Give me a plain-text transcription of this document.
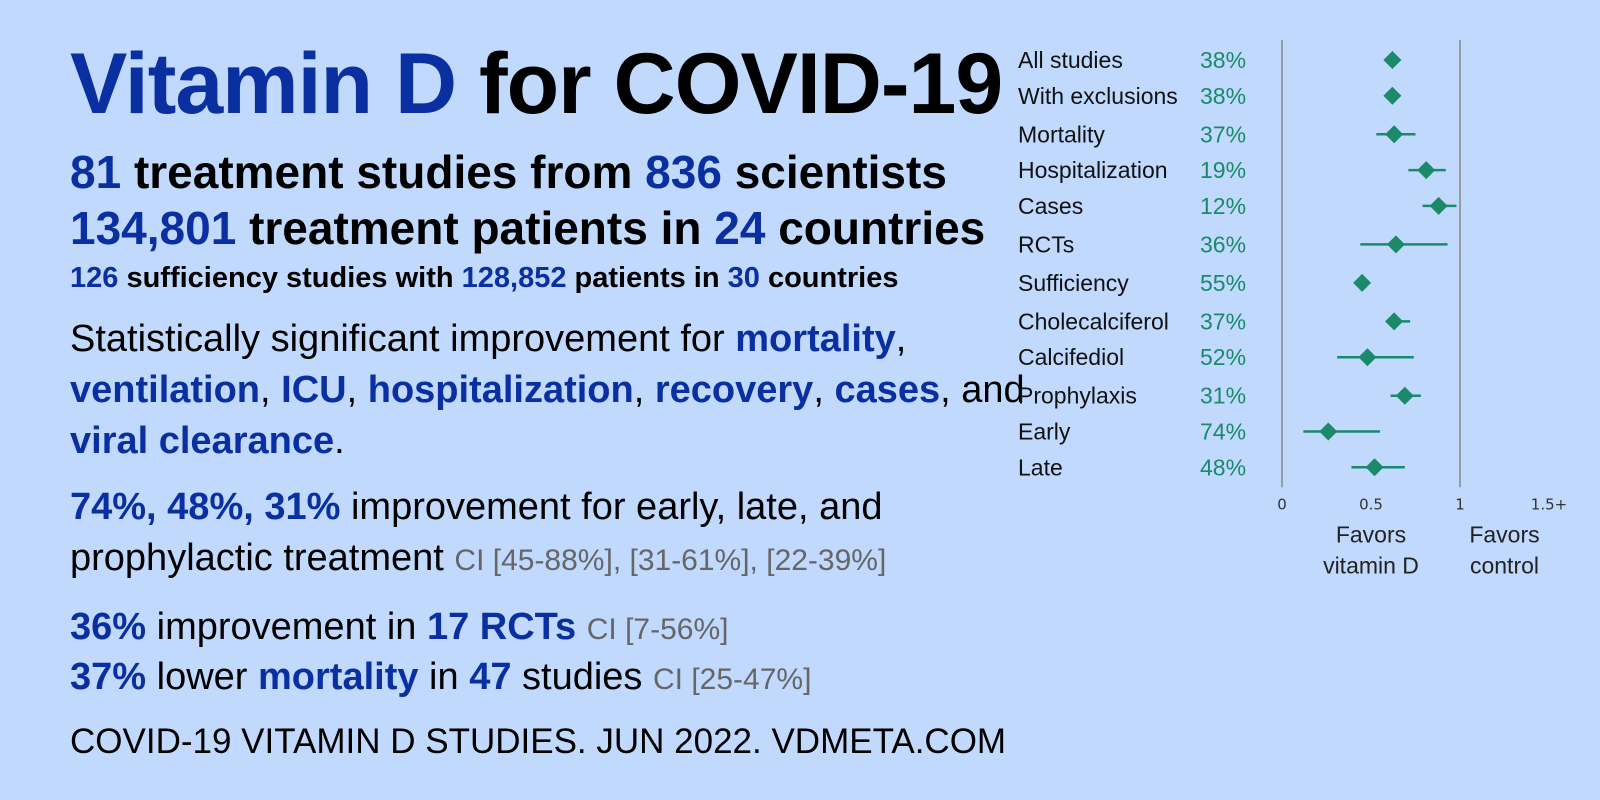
Vitamin D for COVID-19
81 treatment studies from 836 scientists
134,801 treatment patients in 24 countries
126 sufficiency studies with 128,852 patients in 30 countries
Statistically significant improvement for mortality, ventilation, ICU, hospitalization, recovery, cases, and viral clearance.
74%, 48%, 31% improvement for early, late, and prophylactic treatment CI [45-88%], [31-61%], [22-39%]
36% improvement in 17 RCTs CI [7-56%]
37% lower mortality in 47 studies CI [25-47%]
COVID-19 VITAMIN D STUDIES. JUN 2022. VDMETA.COM
All studies	38%
With exclusions 38%
Mortality	37%
Hospitalization 19%
Cases	12%
RCTs	36%
Sufficiency	55%
Cholecalciferol 37%
Calcifediol	52%
Prophylaxis	31%
Early	74%
Late	48%
0	0.5	1	1.5+
Favors
vitamin D
Favors
control
